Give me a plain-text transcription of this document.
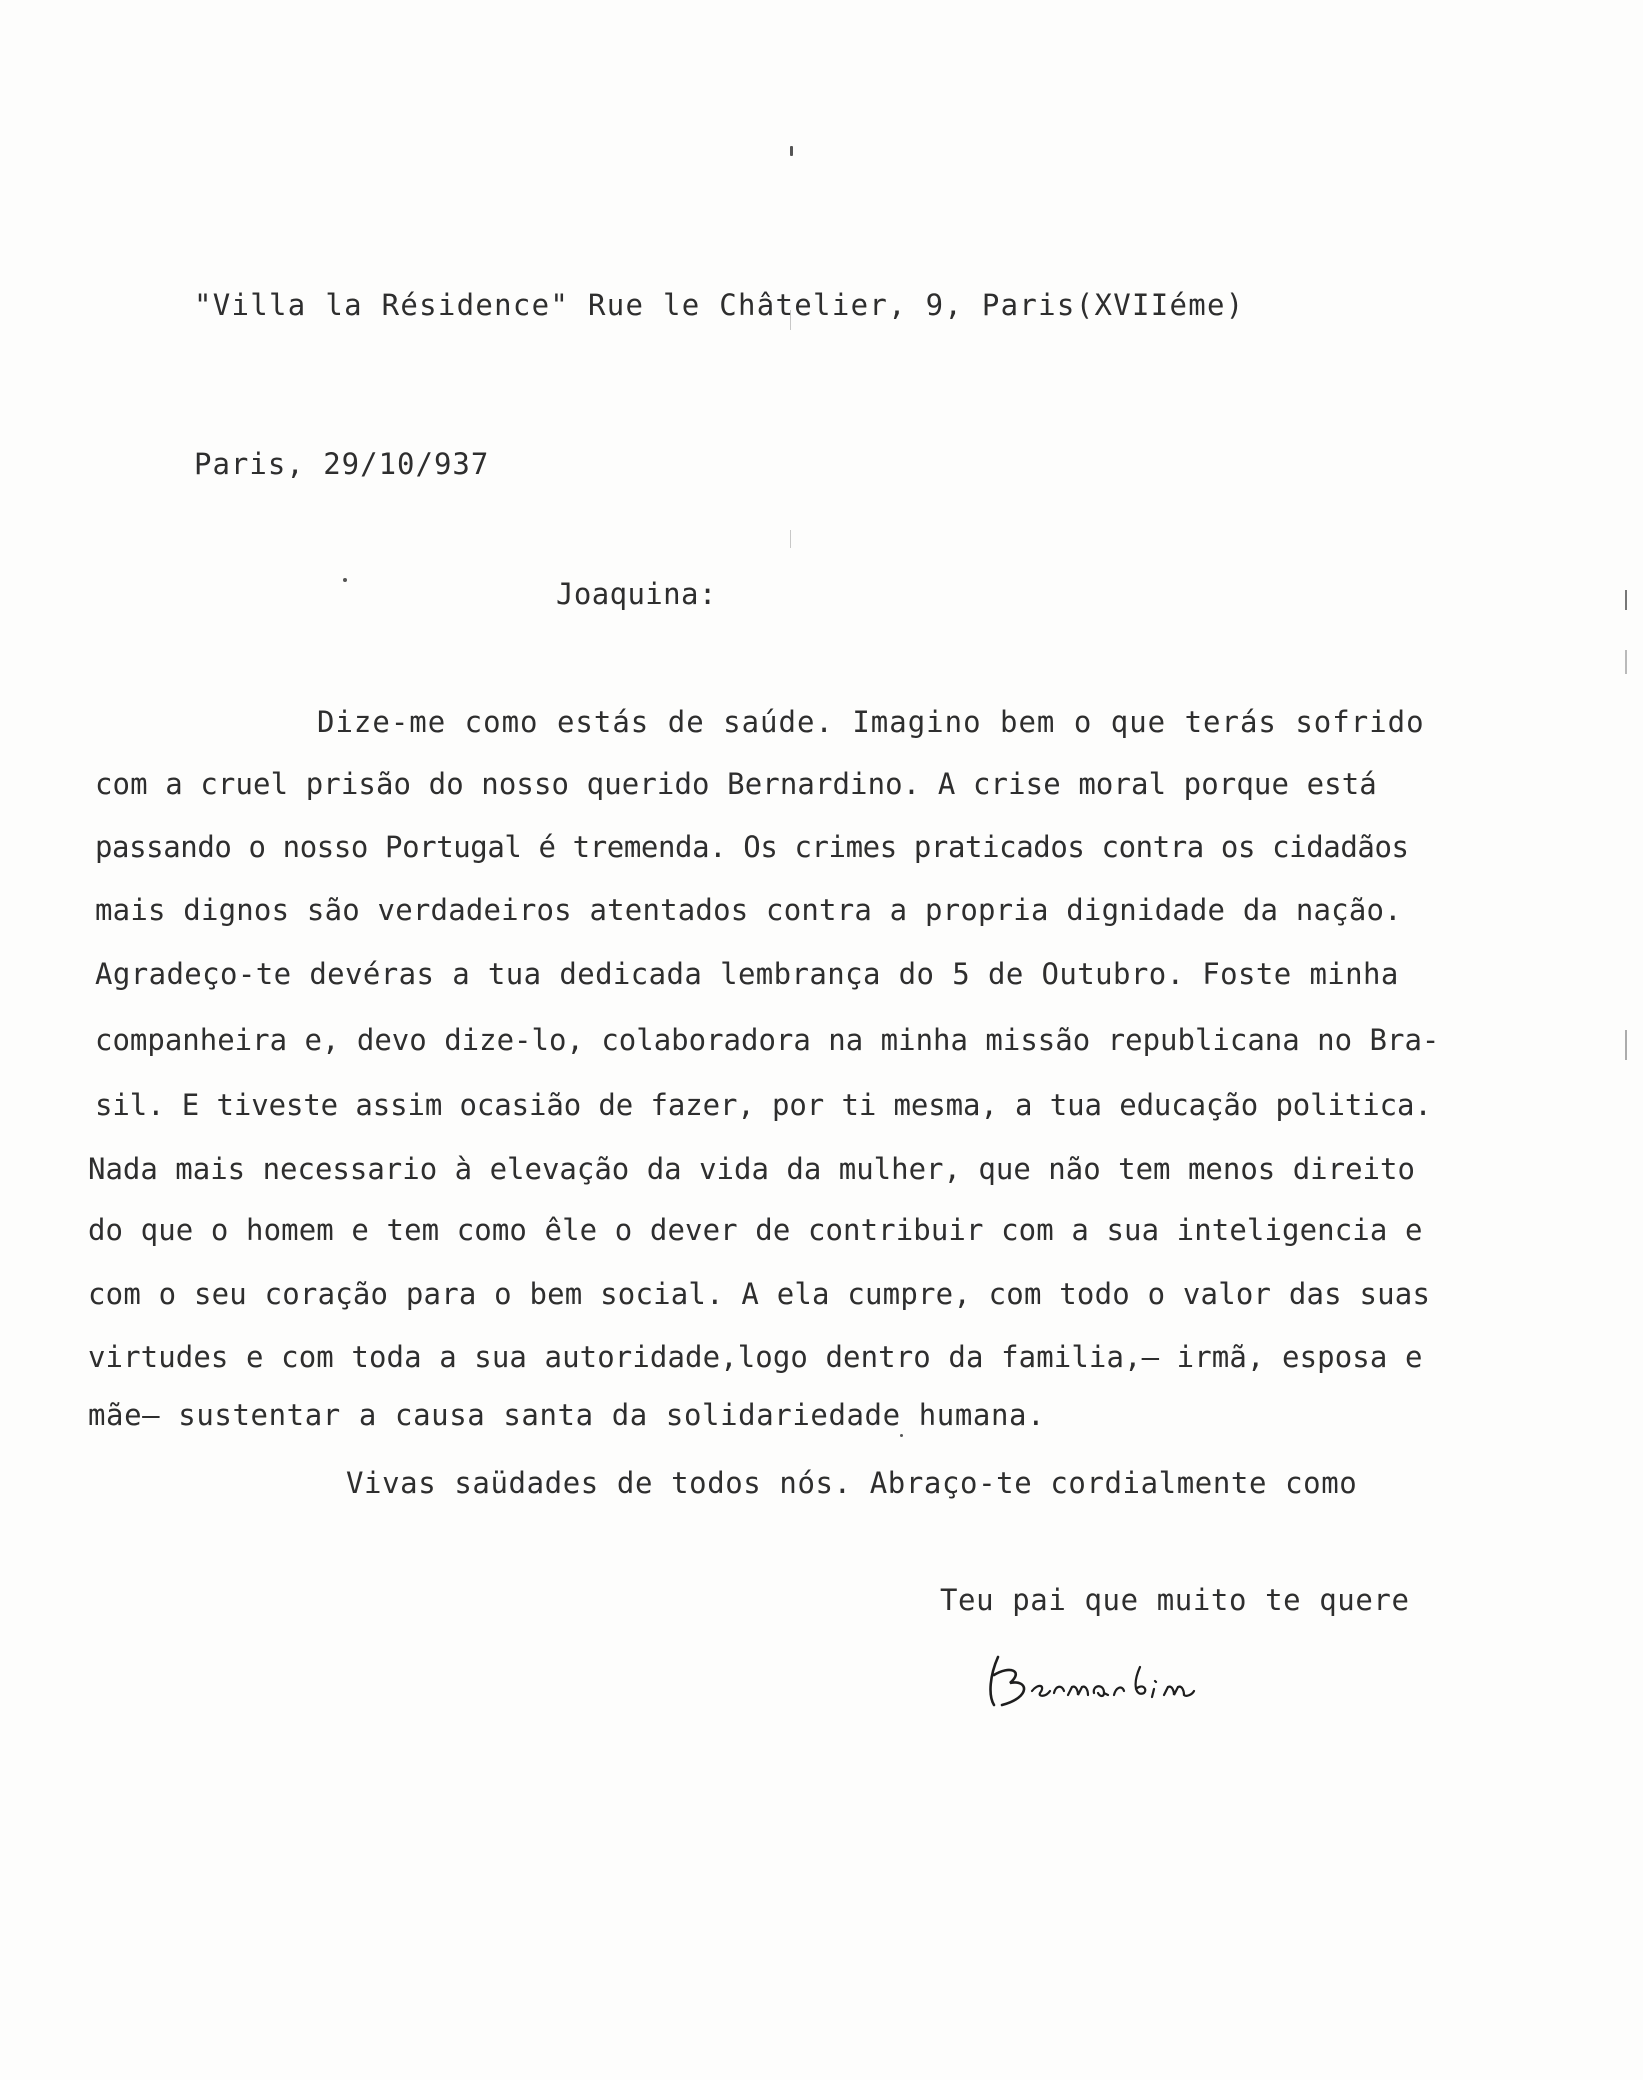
"Villa la Résidence" Rue le Châtelier, 9, Paris(XVIIéme)
Paris, 29/10/937
Joaquina:
Dize-me como estás de saúde. Imagino bem o que terás sofrido
com a cruel prisão do nosso querido Bernardino. A crise moral porque está
passando o nosso Portugal é tremenda. Os crimes praticados contra os cidadãos
mais dignos são verdadeiros atentados contra a propria dignidade da nação.
Agradeço-te devéras a tua dedicada lembrança do 5 de Outubro. Foste minha
companheira e, devo dize-lo, colaboradora na minha missão republicana no Bra-
sil. E tiveste assim ocasião de fazer, por ti mesma, a tua educação politica.
Nada mais necessario à elevação da vida da mulher, que não tem menos direito
do que o homem e tem como êle o dever de contribuir com a sua inteligencia e
com o seu coração para o bem social. A ela cumpre, com todo o valor das suas
virtudes e com toda a sua autoridade,logo dentro da familia,— irmã, esposa e
mãe— sustentar a causa santa da solidariedade humana.
Vivas saüdades de todos nós. Abraço-te cordialmente como
Teu pai que muito te quere
